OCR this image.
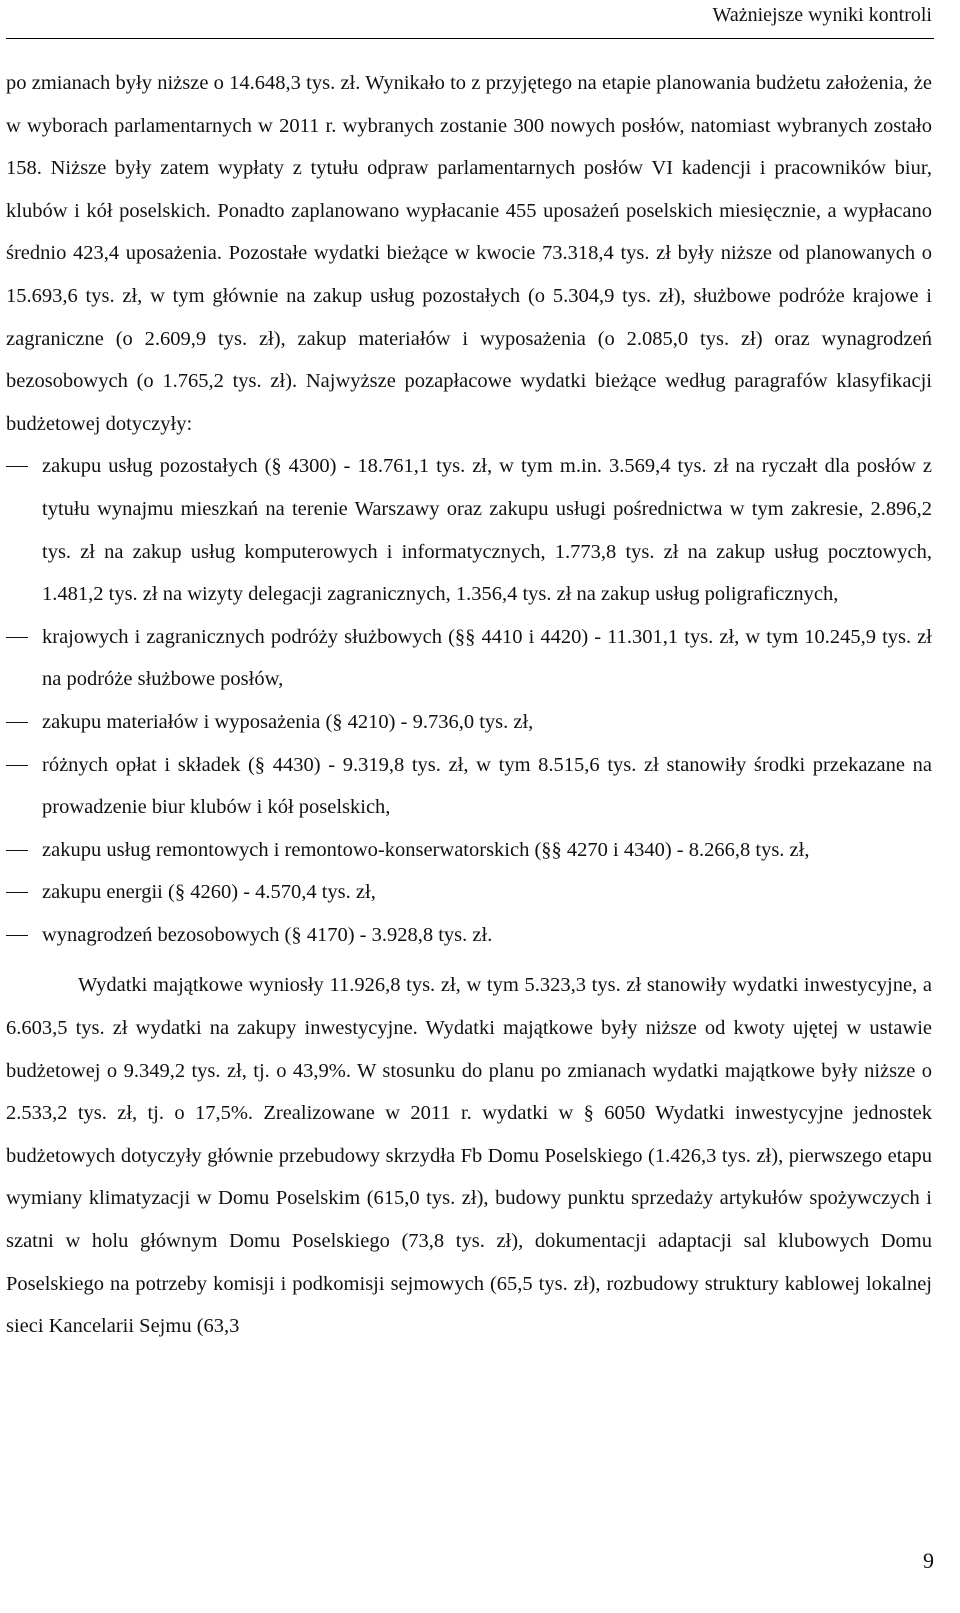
Ważniejsze wyniki kontroli

po zmianach były niższe o 14.648,3 tys. zł. Wynikało to z przyjętego na etapie planowania budżetu założenia, że w wyborach parlamentarnych w 2011 r. wybranych zostanie 300 nowych posłów, natomiast wybranych zostało 158. Niższe były zatem wypłaty z tytułu odpraw parlamentarnych posłów VI kadencji i pracowników biur, klubów i kół poselskich. Ponadto zaplanowano wypłacanie 455 uposażeń poselskich miesięcznie, a wypłacano średnio 423,4 uposażenia. Pozostałe wydatki bieżące w kwocie 73.318,4 tys. zł były niższe od planowanych o 15.693,6 tys. zł, w tym głównie na zakup usług pozostałych (o 5.304,9 tys. zł), służbowe podróże krajowe i zagraniczne (o 2.609,9 tys. zł), zakup materiałów i wyposażenia (o 2.085,0 tys. zł) oraz wynagrodzeń bezosobowych (o 1.765,2 tys. zł). Najwyższe pozapłacowe wydatki bieżące według paragrafów klasyfikacji budżetowej dotyczyły:

zakupu usług pozostałych (§ 4300) - 18.761,1 tys. zł, w tym m.in. 3.569,4 tys. zł na ryczałt dla posłów z tytułu wynajmu mieszkań na terenie Warszawy oraz zakupu usługi pośrednictwa w tym zakresie, 2.896,2 tys. zł na zakup usług komputerowych i informatycznych, 1.773,8 tys. zł na zakup usług pocztowych, 1.481,2 tys. zł na wizyty delegacji zagranicznych, 1.356,4 tys. zł na zakup usług poligraficznych,
krajowych i zagranicznych podróży służbowych (§§ 4410 i 4420) - 11.301,1 tys. zł, w tym 10.245,9 tys. zł na podróże służbowe posłów,
zakupu materiałów i wyposażenia (§ 4210) - 9.736,0 tys. zł,
różnych opłat i składek (§ 4430) - 9.319,8 tys. zł, w tym 8.515,6 tys. zł stanowiły środki przekazane na prowadzenie biur klubów i kół poselskich,
zakupu usług remontowych i remontowo-konserwatorskich (§§ 4270 i 4340) - 8.266,8 tys. zł,
zakupu energii (§ 4260) - 4.570,4 tys. zł,
wynagrodzeń bezosobowych (§ 4170) - 3.928,8 tys. zł.

Wydatki majątkowe wyniosły 11.926,8 tys. zł, w tym 5.323,3 tys. zł stanowiły wydatki inwestycyjne, a 6.603,5 tys. zł wydatki na zakupy inwestycyjne. Wydatki majątkowe były niższe od kwoty ujętej w ustawie budżetowej o 9.349,2 tys. zł, tj. o 43,9%. W stosunku do planu po zmianach wydatki majątkowe były niższe o 2.533,2 tys. zł, tj. o 17,5%. Zrealizowane w 2011 r. wydatki w § 6050 Wydatki inwestycyjne jednostek budżetowych dotyczyły głównie przebudowy skrzydła Fb Domu Poselskiego (1.426,3 tys. zł), pierwszego etapu wymiany klimatyzacji w Domu Poselskim (615,0 tys. zł), budowy punktu sprzedaży artykułów spożywczych i szatni w holu głównym Domu Poselskiego (73,8 tys. zł), dokumentacji adaptacji sal klubowych Domu Poselskiego na potrzeby komisji i podkomisji sejmowych (65,5 tys. zł), rozbudowy struktury kablowej lokalnej sieci Kancelarii Sejmu (63,3

9
